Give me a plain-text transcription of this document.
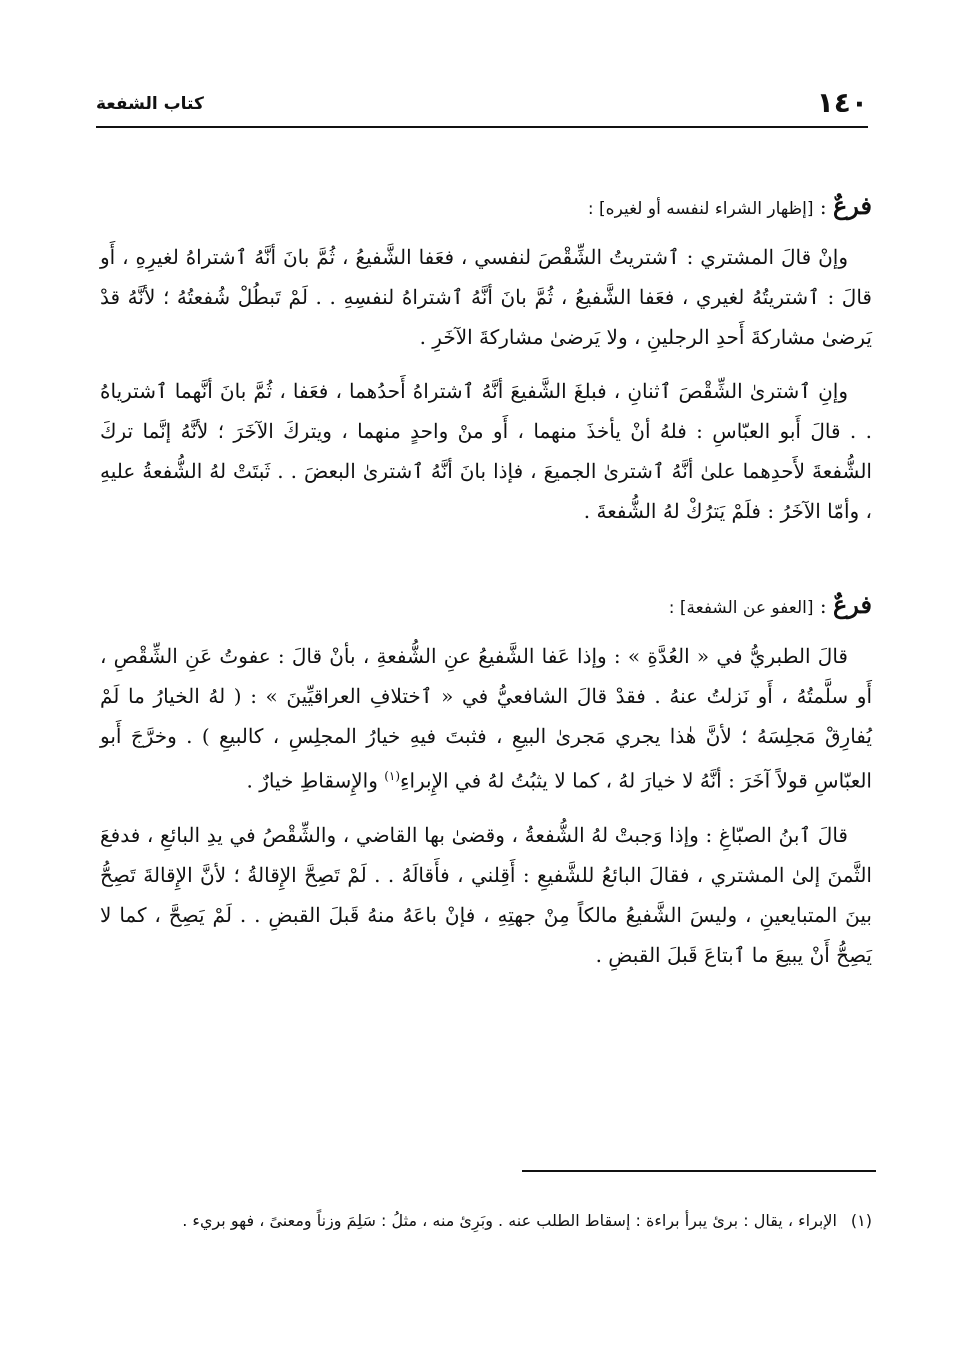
١٤٠
كتاب الشفعة
فرعٌ : [إظهار الشراء لنفسه أو لغيره] :

وإنْ قالَ المشتري : ٱشتريتُ الشِّقْصَ لنفسي ، فعَفا الشَّفيعُ ، ثُمَّ بانَ أنَّهُ ٱشتراهُ لغيرِهِ ، أَو قالَ : ٱشتريتُهُ لغيري ، فعَفا الشَّفيعُ ، ثُمَّ بانَ أنَّهُ ٱشتراهُ لنفسِهِ . . لَمْ تَبطُلْ شُفعتُهُ ؛ لأنَّهُ قدْ يَرضىٰ مشاركةَ أَحدِ الرجلينِ ، ولا يَرضىٰ مشاركةَ الآخَرِ .

وإنِ ٱشترىٰ الشِّقْصَ ٱثنانِ ، فبلغَ الشَّفيعَ أنَّهُ ٱشتراهُ أَحدُهما ، فعَفا ، ثُمَّ بانَ أنَّهما ٱشترياهُ . . قالَ أَبو العبّاسِ : فلهُ أنْ يأخذَ منهما ، أَو منْ واحدٍ منهما ، ويتركَ الآخَرَ ؛ لأنَّهُ إنَّما تركَ الشُّفعةَ لأَحدِهما علىٰ أنَّهُ ٱشترىٰ الجميعَ ، فإذا بانَ أنَّهُ ٱشترىٰ البعضَ . . ثَبتَتْ لهُ الشُّفعةُ عليهِ ، وأمّا الآخَرُ : فلَمْ يَترُكْ لهُ الشُّفعةَ .

فرعٌ : [العفو عن الشفعة] :

قالَ الطبريُّ في « العُدَّةِ » : وإذا عَفا الشَّفيعُ عنِ الشُّفعةِ ، بأنْ قالَ : عفوتُ عَنِ الشِّقْصِ ، أَو سلَّمتُهُ ، أَو نَزلتُ عنهُ . فقدْ قالَ الشافعيُّ في « ٱختلافِ العراقيِّينَ » : ( لهُ الخيارُ ما لَمْ يُفارِقْ مَجلِسَهُ ؛ لأنَّ هٰذا يجري مَجرىٰ البيعِ ، فثبتَ فيهِ خيارُ المجلِسِ ، كالبيعِ ) . وخرَّجَ أَبو العبّاسِ قولاً آخَرَ : أنَّهُ لا خيارَ لهُ ، كما لا يثبُتُ لهُ في الإِبراءِ$^{(١)}$ والإِسقاطِ خيارٌ .

قالَ ٱبنُ الصبّاغِ : وإذا وَجبتْ لهُ الشُّفعةُ ، وقضىٰ بها القاضي ، والشِّقْصُ في يدِ البائعِ ، فدفعَ الثَّمنَ إلىٰ المشتري ، فقالَ البائعُ للشَّفيعِ : أَقِلني ، فأَقالَهُ . . لَمْ تَصِحَّ الإِقالةُ ؛ لأنَّ الإِقالةَ تَصِحُّ بينَ المتبايعينِ ، وليسَ الشَّفيعُ مالكاً مِنْ جهتِهِ ، فإنْ باعَهُ منهُ قَبلَ القبضِ . . لَمْ يَصِحَّ ، كما لا يَصِحُّ أَنْ يبيعَ ما ٱبتاعَ قَبلَ القبضِ .

(١)الإبراء ، يقال : برئ يبرأ براءة : إسقاط الطلب عنه . وبَرِئ منه ، مثلُ : سَلِمَ وزناً ومعنىً ، فهو بريء .
